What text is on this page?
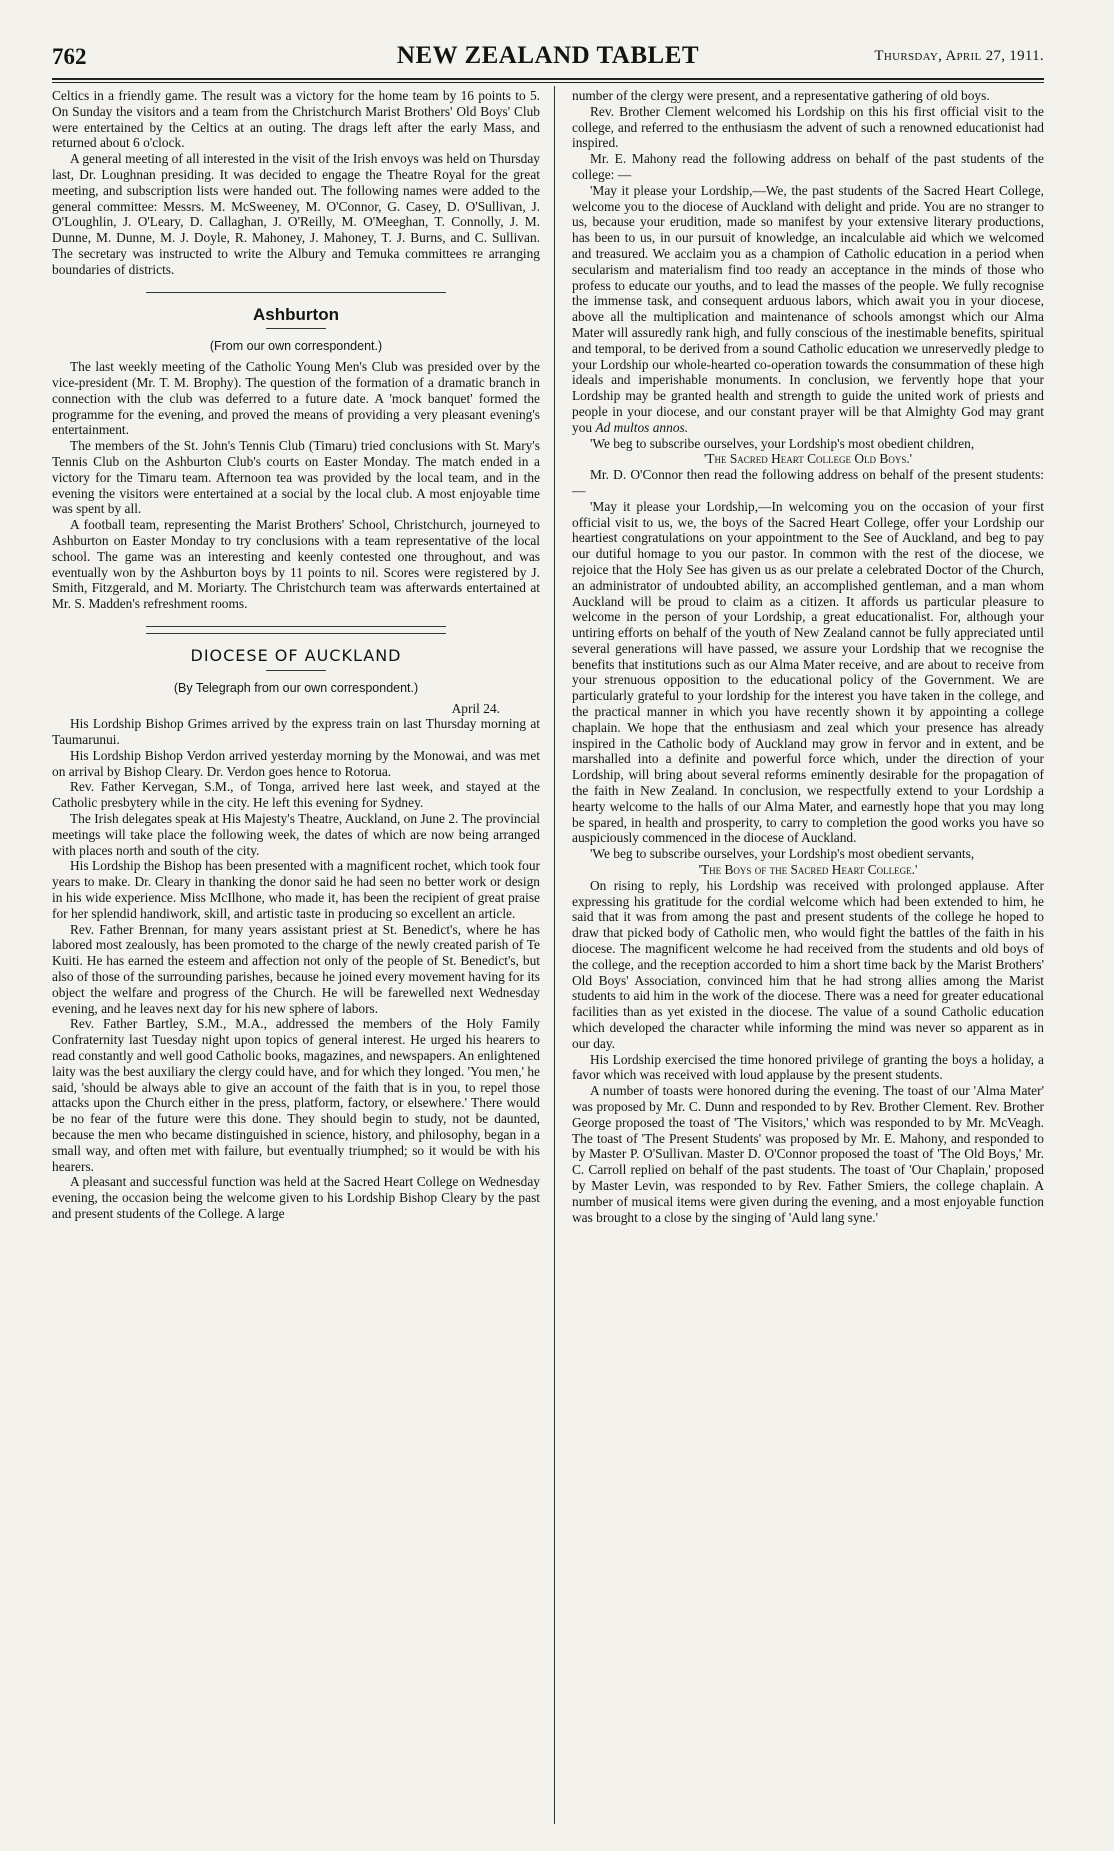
762	NEW ZEALAND TABLET	Thursday, April 27, 1911.

Celtics in a friendly game. The result was a victory for the home team by 16 points to 5. On Sunday the visitors and a team from the Christchurch Marist Brothers' Old Boys' Club were entertained by the Celtics at an outing. The drags left after the early Mass, and returned about 6 o'clock.

A general meeting of all interested in the visit of the Irish envoys was held on Thursday last, Dr. Loughnan presiding. It was decided to engage the Theatre Royal for the great meeting, and subscription lists were handed out. The following names were added to the general committee: Messrs. M. McSweeney, M. O'Connor, G. Casey, D. O'Sullivan, J. O'Loughlin, J. O'Leary, D. Callaghan, J. O'Reilly, M. O'Meeghan, T. Connolly, J. M. Dunne, M. Dunne, M. J. Doyle, R. Mahoney, J. Mahoney, T. J. Burns, and C. Sullivan. The secretary was instructed to write the Albury and Temuka committees re arranging boundaries of districts.

Ashburton
(From our own correspondent.)

The last weekly meeting of the Catholic Young Men's Club was presided over by the vice-president (Mr. T. M. Brophy). The question of the formation of a dramatic branch in connection with the club was deferred to a future date. A 'mock banquet' formed the programme for the evening, and proved the means of providing a very pleasant evening's entertainment.

The members of the St. John's Tennis Club (Timaru) tried conclusions with St. Mary's Tennis Club on the Ashburton Club's courts on Easter Monday. The match ended in a victory for the Timaru team. Afternoon tea was provided by the local team, and in the evening the visitors were entertained at a social by the local club. A most enjoyable time was spent by all.

A football team, representing the Marist Brothers' School, Christchurch, journeyed to Ashburton on Easter Monday to try conclusions with a team representative of the local school. The game was an interesting and keenly contested one throughout, and was eventually won by the Ashburton boys by 11 points to nil. Scores were registered by J. Smith, Fitzgerald, and M. Moriarty. The Christchurch team was afterwards entertained at Mr. S. Madden's refreshment rooms.

DIOCESE OF AUCKLAND
(By Telegraph from our own correspondent.)

April 24.

His Lordship Bishop Grimes arrived by the express train on last Thursday morning at Taumarunui.

His Lordship Bishop Verdon arrived yesterday morning by the Monowai, and was met on arrival by Bishop Cleary. Dr. Verdon goes hence to Rotorua.

Rev. Father Kervegan, S.M., of Tonga, arrived here last week, and stayed at the Catholic presbytery while in the city. He left this evening for Sydney.

The Irish delegates speak at His Majesty's Theatre, Auckland, on June 2. The provincial meetings will take place the following week, the dates of which are now being arranged with places north and south of the city.

His Lordship the Bishop has been presented with a magnificent rochet, which took four years to make. Dr. Cleary in thanking the donor said he had seen no better work or design in his wide experience. Miss McIlhone, who made it, has been the recipient of great praise for her splendid handiwork, skill, and artistic taste in producing so excellent an article.

Rev. Father Brennan, for many years assistant priest at St. Benedict's, where he has labored most zealously, has been promoted to the charge of the newly created parish of Te Kuiti. He has earned the esteem and affection not only of the people of St. Benedict's, but also of those of the surrounding parishes, because he joined every movement having for its object the welfare and progress of the Church. He will be farewelled next Wednesday evening, and he leaves next day for his new sphere of labors.

Rev. Father Bartley, S.M., M.A., addressed the members of the Holy Family Confraternity last Tuesday night upon topics of general interest. He urged his hearers to read constantly and well good Catholic books, magazines, and newspapers. An enlightened laity was the best auxiliary the clergy could have, and for which they longed. 'You men,' he said, 'should be always able to give an account of the faith that is in you, to repel those attacks upon the Church either in the press, platform, factory, or elsewhere.' There would be no fear of the future were this done. They should begin to study, not be daunted, because the men who became distinguished in science, history, and philosophy, began in a small way, and often met with failure, but eventually triumphed; so it would be with his hearers.

A pleasant and successful function was held at the Sacred Heart College on Wednesday evening, the occasion being the welcome given to his Lordship Bishop Cleary by the past and present students of the College. A large

number of the clergy were present, and a representative gathering of old boys.

Rev. Brother Clement welcomed his Lordship on this his first official visit to the college, and referred to the enthusiasm the advent of such a renowned educationist had inspired.

Mr. E. Mahony read the following address on behalf of the past students of the college: —

'May it please your Lordship,—We, the past students of the Sacred Heart College, welcome you to the diocese of Auckland with delight and pride. You are no stranger to us, because your erudition, made so manifest by your extensive literary productions, has been to us, in our pursuit of knowledge, an incalculable aid which we welcomed and treasured. We acclaim you as a champion of Catholic education in a period when secularism and materialism find too ready an acceptance in the minds of those who profess to educate our youths, and to lead the masses of the people. We fully recognise the immense task, and consequent arduous labors, which await you in your diocese, above all the multiplication and maintenance of schools amongst which our Alma Mater will assuredly rank high, and fully conscious of the inestimable benefits, spiritual and temporal, to be derived from a sound Catholic education we unreservedly pledge to your Lordship our whole-hearted co-operation towards the consummation of these high ideals and imperishable monuments. In conclusion, we fervently hope that your Lordship may be granted health and strength to guide the united work of priests and people in your diocese, and our constant prayer will be that Almighty God may grant you Ad multos annos.

'We beg to subscribe ourselves, your Lordship's most obedient children,

'The Sacred Heart College Old Boys.'

Mr. D. O'Connor then read the following address on behalf of the present students: —

'May it please your Lordship,—In welcoming you on the occasion of your first official visit to us, we, the boys of the Sacred Heart College, offer your Lordship our heartiest congratulations on your appointment to the See of Auckland, and beg to pay our dutiful homage to you our pastor. In common with the rest of the diocese, we rejoice that the Holy See has given us as our prelate a celebrated Doctor of the Church, an administrator of undoubted ability, an accomplished gentleman, and a man whom Auckland will be proud to claim as a citizen. It affords us particular pleasure to welcome in the person of your Lordship, a great educationalist. For, although your untiring efforts on behalf of the youth of New Zealand cannot be fully appreciated until several generations will have passed, we assure your Lordship that we recognise the benefits that institutions such as our Alma Mater receive, and are about to receive from your strenuous opposition to the educational policy of the Government. We are particularly grateful to your lordship for the interest you have taken in the college, and the practical manner in which you have recently shown it by appointing a college chaplain. We hope that the enthusiasm and zeal which your presence has already inspired in the Catholic body of Auckland may grow in fervor and in extent, and be marshalled into a definite and powerful force which, under the direction of your Lordship, will bring about several reforms eminently desirable for the propagation of the faith in New Zealand. In conclusion, we respectfully extend to your Lordship a hearty welcome to the halls of our Alma Mater, and earnestly hope that you may long be spared, in health and prosperity, to carry to completion the good works you have so auspiciously commenced in the diocese of Auckland.

'We beg to subscribe ourselves, your Lordship's most obedient servants,

'The Boys of the Sacred Heart College.'

On rising to reply, his Lordship was received with prolonged applause. After expressing his gratitude for the cordial welcome which had been extended to him, he said that it was from among the past and present students of the college he hoped to draw that picked body of Catholic men, who would fight the battles of the faith in his diocese. The magnificent welcome he had received from the students and old boys of the college, and the reception accorded to him a short time back by the Marist Brothers' Old Boys' Association, convinced him that he had strong allies among the Marist students to aid him in the work of the diocese. There was a need for greater educational facilities than as yet existed in the diocese. The value of a sound Catholic education which developed the character while informing the mind was never so apparent as in our day.

His Lordship exercised the time honored privilege of granting the boys a holiday, a favor which was received with loud applause by the present students.

A number of toasts were honored during the evening. The toast of our 'Alma Mater' was proposed by Mr. C. Dunn and responded to by Rev. Brother Clement. Rev. Brother George proposed the toast of 'The Visitors,' which was responded to by Mr. McVeagh. The toast of 'The Present Students' was proposed by Mr. E. Mahony, and responded to by Master P. O'Sullivan. Master D. O'Connor proposed the toast of 'The Old Boys,' Mr. C. Carroll replied on behalf of the past students. The toast of 'Our Chaplain,' proposed by Master Levin, was responded to by Rev. Father Smiers, the college chaplain. A number of musical items were given during the evening, and a most enjoyable function was brought to a close by the singing of 'Auld lang syne.'
